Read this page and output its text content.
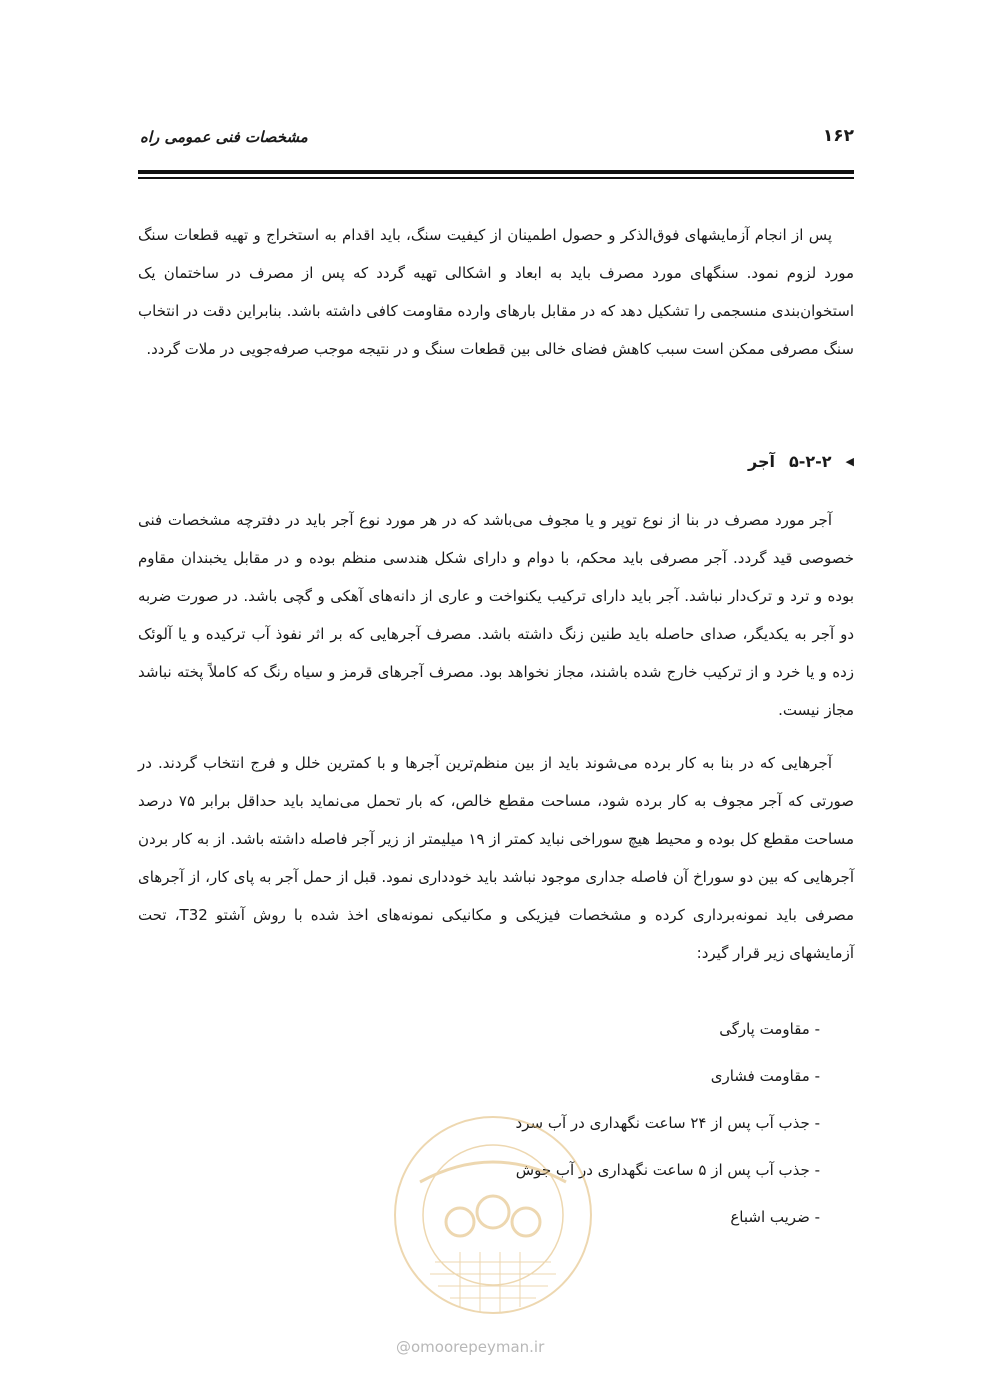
مشخصات فنی عمومی راه	۱۶۲

پس از انجام آزمایشهای فوق‌الذکر و حصول اطمینان از کیفیت سنگ، باید اقدام به استخراج و تهیه قطعات سنگ مورد لزوم نمود. سنگهای مورد مصرف باید به ابعاد و اشکالی تهیه گردد که پس از مصرف در ساختمان یک استخوان‌بندی منسجمی را تشکیل دهد که در مقابل بارهای وارده مقاومت کافی داشته باشد. بنابراین دقت در انتخاب سنگ مصرفی ممکن است سبب کاهش فضای خالی بین قطعات سنگ و در نتیجه موجب صرفه‌جویی در ملات گردد.

◀
۵-۲-۲
آجر

آجر مورد مصرف در بنا از نوع توپر و یا مجوف می‌باشد که در هر مورد نوع آجر باید در دفترچه مشخصات فنی خصوصی قید گردد. آجر مصرفی باید محکم، با دوام و دارای شکل هندسی منظم بوده و در مقابل یخبندان مقاوم بوده و ترد و ترک‌دار نباشد. آجر باید دارای ترکیب یکنواخت و عاری از دانه‌های آهکی و گچی باشد. در صورت ضربه دو آجر به یکدیگر، صدای حاصله باید طنین زنگ داشته باشد. مصرف آجرهایی که بر اثر نفوذ آب ترکیده و یا آلوئک زده و یا خرد و از ترکیب خارج شده باشند، مجاز نخواهد بود. مصرف آجرهای قرمز و سیاه رنگ که کاملاً پخته نباشد مجاز نیست.

آجرهایی که در بنا به کار برده می‌شوند باید از بین منظم‌ترین آجرها و با کمترین خلل و فرج انتخاب گردند. در صورتی که آجر مجوف به کار برده شود، مساحت مقطع خالص، که بار تحمل می‌نماید باید حداقل برابر ۷۵ درصد مساحت مقطع کل بوده و محیط هیچ سوراخی نباید کمتر از ۱۹ میلیمتر از زیر آجر فاصله داشته باشد. از به کار بردن آجرهایی که بین دو سوراخ آن فاصله جداری موجود نباشد باید خودداری نمود. قبل از حمل آجر به پای کار، از آجرهای مصرفی باید نمونه‌برداری کرده و مشخصات فیزیکی و مکانیکی نمونه‌های اخذ شده با روش آشتو T32، تحت آزمایشهای زیر قرار گیرد:

- مقاومت پارگی
- مقاومت فشاری
- جذب آب پس از ۲۴ ساعت نگهداری در آب سرد
- جذب آب پس از ۵ ساعت نگهداری در آب جوش
- ضریب اشباع
@omoorepeyman.ir
